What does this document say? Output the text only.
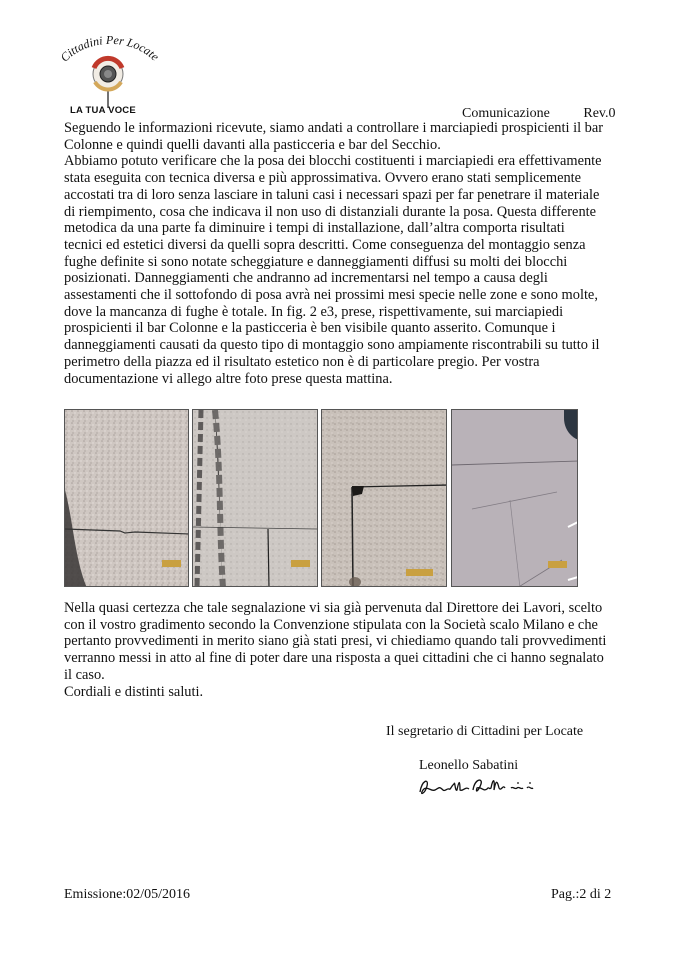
Cittadini Per Locate
LA TUA VOCE	Comunicazione Rev.0

Seguendo le informazioni ricevute, siamo andati a controllare i marciapiedi prospicienti il bar
Colonne e quindi quelli davanti alla pasticceria e bar del Secchio.
Abbiamo potuto verificare che la posa dei blocchi costituenti i marciapiedi era effettivamente
stata eseguita con tecnica diversa e più approssimativa. Ovvero erano stati semplicemente
accostati tra di loro senza lasciare in taluni casi i necessari spazi per far penetrare il materiale
di riempimento, cosa che indicava il non uso di distanziali durante la posa. Questa differente
metodica da una parte fa diminuire i tempi di installazione, dall’altra comporta risultati
tecnici ed estetici diversi da quelli sopra descritti. Come conseguenza del montaggio senza
fughe definite si sono notate scheggiature e danneggiamenti diffusi su molti dei blocchi
posizionati. Danneggiamenti che andranno ad incrementarsi nel tempo a causa degli
assestamenti che il sottofondo di posa avrà nei prossimi mesi specie nelle zone e sono molte,
dove la mancanza di fughe è totale. In fig. 2 e3, prese, rispettivamente, sui marciapiedi
prospicienti il bar Colonne e la pasticceria è ben visibile quanto asserito. Comunque i
danneggiamenti causati da questo tipo di montaggio sono ampiamente riscontrabili su tutto il
perimetro della piazza ed il risultato estetico non è di particolare pregio. Per vostra
documentazione vi allego altre foto prese questa mattina.

Nella quasi certezza che tale segnalazione vi sia già pervenuta dal Direttore dei Lavori, scelto
con il vostro gradimento secondo la Convenzione stipulata con la Società scalo Milano e che
pertanto provvedimenti in merito siano già stati presi, vi chiediamo quando tali provvedimenti
verranno messi in atto al fine di poter dare una risposta a quei cittadini che ci hanno segnalato
il caso.
Cordiali e distinti saluti.

Il segretario di Cittadini per Locate
Leonello Sabatini
Emissione:02/05/2016	Pag.:2 di 2
